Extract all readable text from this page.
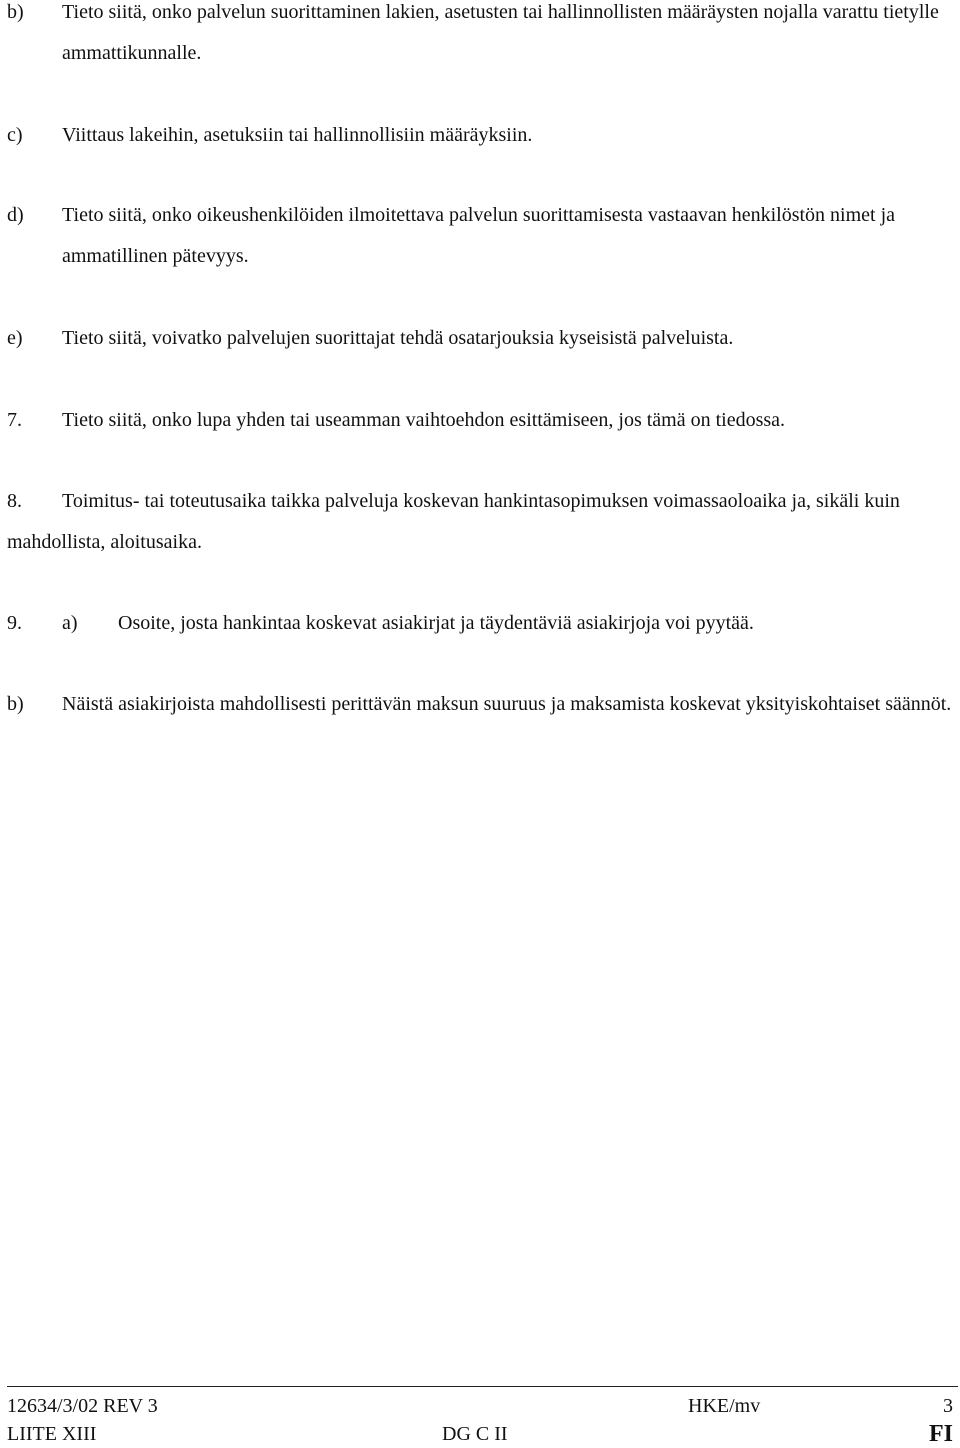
b)	Tieto siitä, onko palvelun suorittaminen lakien, asetusten tai hallinnollisten määräysten nojalla varattu tietylle ammattikunnalle.
c)	Viittaus lakeihin, asetuksiin tai hallinnollisiin määräyksiin.
d)	Tieto siitä, onko oikeushenkilöiden ilmoitettava palvelun suorittamisesta vastaavan henkilöstön nimet ja ammatillinen pätevyys.
e)	Tieto siitä, voivatko palvelujen suorittajat tehdä osatarjouksia kyseisistä palveluista.
7.	Tieto siitä, onko lupa yhden tai useamman vaihtoehdon esittämiseen, jos tämä on tiedossa.
8.	Toimitus- tai toteutusaika taikka palveluja koskevan hankintasopimuksen voimassaoloaika ja, sikäli kuin mahdollista, aloitusaika.
9. a)	Osoite, josta hankintaa koskevat asiakirjat ja täydentäviä asiakirjoja voi pyytää.
b)	Näistä asiakirjoista mahdollisesti perittävän maksun suuruus ja maksamista koskevat yksityiskohtaiset säännöt.
12634/3/02 REV 3	HKE/mv	3
LIITE XIII	DG C II	FI
